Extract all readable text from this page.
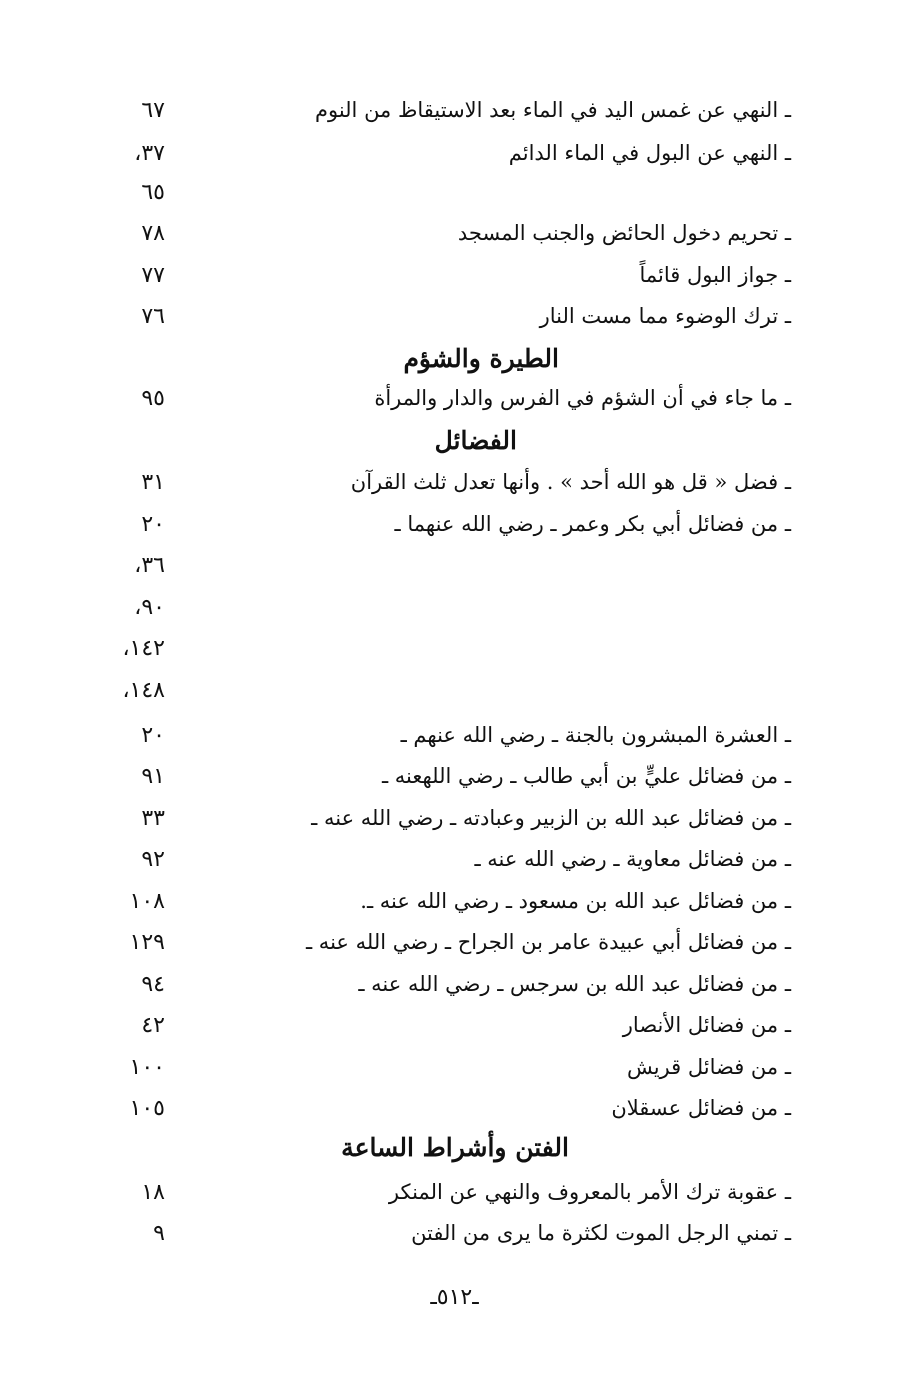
٦٧	ـ النهي عن غمس اليد في الماء بعد الاستيقاظ من النوم
٣٧،	ـ النهي عن البول في الماء الدائم
٦٥
٧٨	ـ تحريم دخول الحائض والجنب المسجد
٧٧	ـ جواز البول قائماً
٧٦	ـ ترك الوضوء مما مست النار
الطيرة والشؤم
٩٥	ـ ما جاء في أن الشؤم في الفرس والدار والمرأة
الفضائل
٣١	ـ فضل « قل هو الله أحد » . وأنها تعدل ثلث القرآن
٢٠	ـ من فضائل أبي بكر وعمر ـ رضي الله عنهما ـ
٣٦،
٩٠،
١٤٢،
١٤٨،
٢٠	ـ العشرة المبشرون بالجنة ـ رضي الله عنهم ـ
٩١	ـ من فضائل عليٍّ بن أبي طالب ـ رضي اللهعنه ـ
٣٣	ـ من فضائل عبد الله بن الزبير وعبادته ـ رضي الله عنه ـ
٩٢	ـ من فضائل معاوية ـ رضي الله عنه ـ
١٠٨	ـ من فضائل عبد الله بن مسعود ـ رضي الله عنه ـ.
١٢٩	ـ من فضائل أبي عبيدة عامر بن الجراح ـ رضي الله عنه ـ
٩٤	ـ من فضائل عبد الله بن سرجس ـ رضي الله عنه ـ
٤٢	ـ من فضائل الأنصار
١٠٠	ـ من فضائل قريش
١٠٥	ـ من فضائل عسقلان
الفتن وأشراط الساعة
١٨	ـ عقوبة ترك الأمر بالمعروف والنهي عن المنكر
٩	ـ تمني الرجل الموت لكثرة ما يرى من الفتن
ـ٥١٢ـ
